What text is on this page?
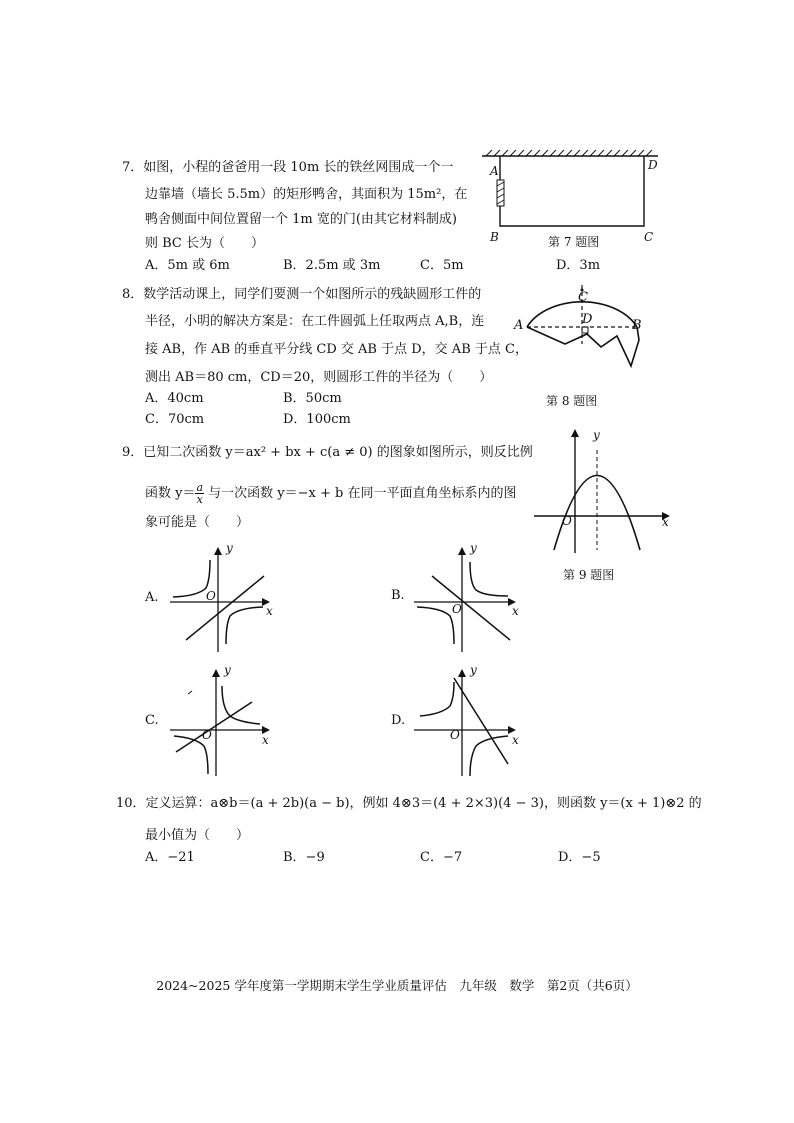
7．如图，小程的爸爸用一段 10m 长的铁丝网围成一个一
边靠墙（墙长 5.5m）的矩形鸭舍，其面积为 15m²，在
鸭舍侧面中间位置留一个 1m 宽的门(由其它材料制成)
则 BC 长为（　　）
A．5m 或 6m	B．2.5m 或 3m	C．5m	D．3m
A
B	C
D
第 7 题图
8．数学活动课上，同学们要测一个如图所示的残缺圆形工件的
半径，小明的解决方案是：在工件圆弧上任取两点 A,B，连
接 AB，作 AB 的垂直平分线 CD 交 AB 于点 D，交 AB 于点 C，
测出 AB＝80 cm，CD＝20，则圆形工件的半径为（　　）
A．40cm	B．50cm
C．70cm	D．100cm
C
D
A	B
第 8 题图
9．已知二次函数 y＝ax² + bx + c(a ≠ 0) 的图象如图所示，则反比例
函数 $y= \frac{a}{x}$ 与一次函数 y＝−x + b 在同一平面直角坐标系内的图
象可能是（　　）
y
x
O
第 9 题图
A.
y
x
O	B.
y
x
O
C.
y
x
O
D.
y
x
O
10．定义运算：a⊗b＝(a + 2b)(a − b)，例如 4⊗3＝(4 + 2×3)(4 − 3)，则函数 y＝(x + 1)⊗2 的
最小值为（　　）
A．−21	B．−9	C．−7	D．−5
2024~2025 学年度第一学期期末学生学业质量评估　九年级　数学　第2页（共6页）
